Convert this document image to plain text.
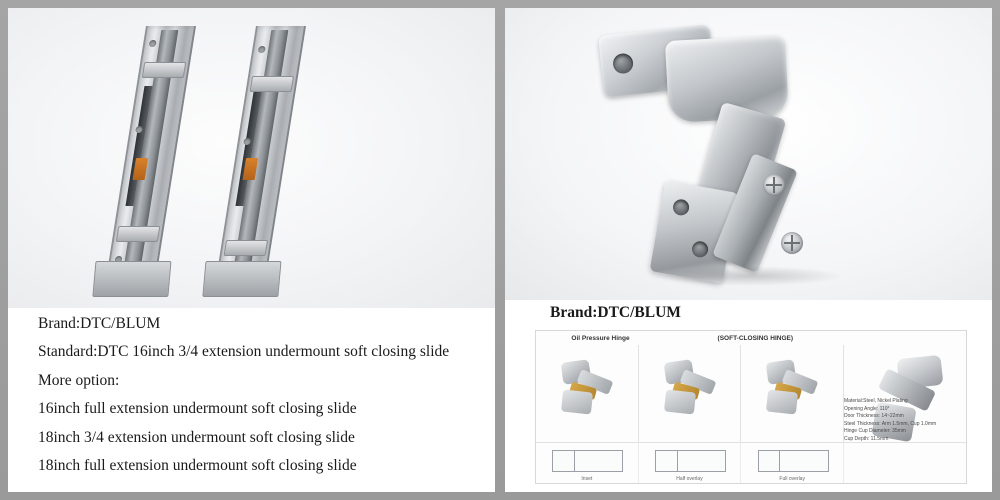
Brand:DTC/BLUM

Standard:DTC 16inch 3/4 extension undermount soft closing slide

More option:

16inch full extension undermount soft closing slide

18inch 3/4 extension undermount soft closing slide

18inch full extension undermount soft closing slide

Brand:DTC/BLUM
Oil Pressure Hinge	(SOFT-CLOSING HINGE)
Material:Steel, Nickel Plating
Opening Angle: 110°
Door Thickness: 14~22mm
Steel Thickness: Arm 1.5mm, Cup 1.0mm
Hinge Cup Diameter: 35mm
Cup Depth: 11.5mm
Inset	Half overlay	Full overlay
